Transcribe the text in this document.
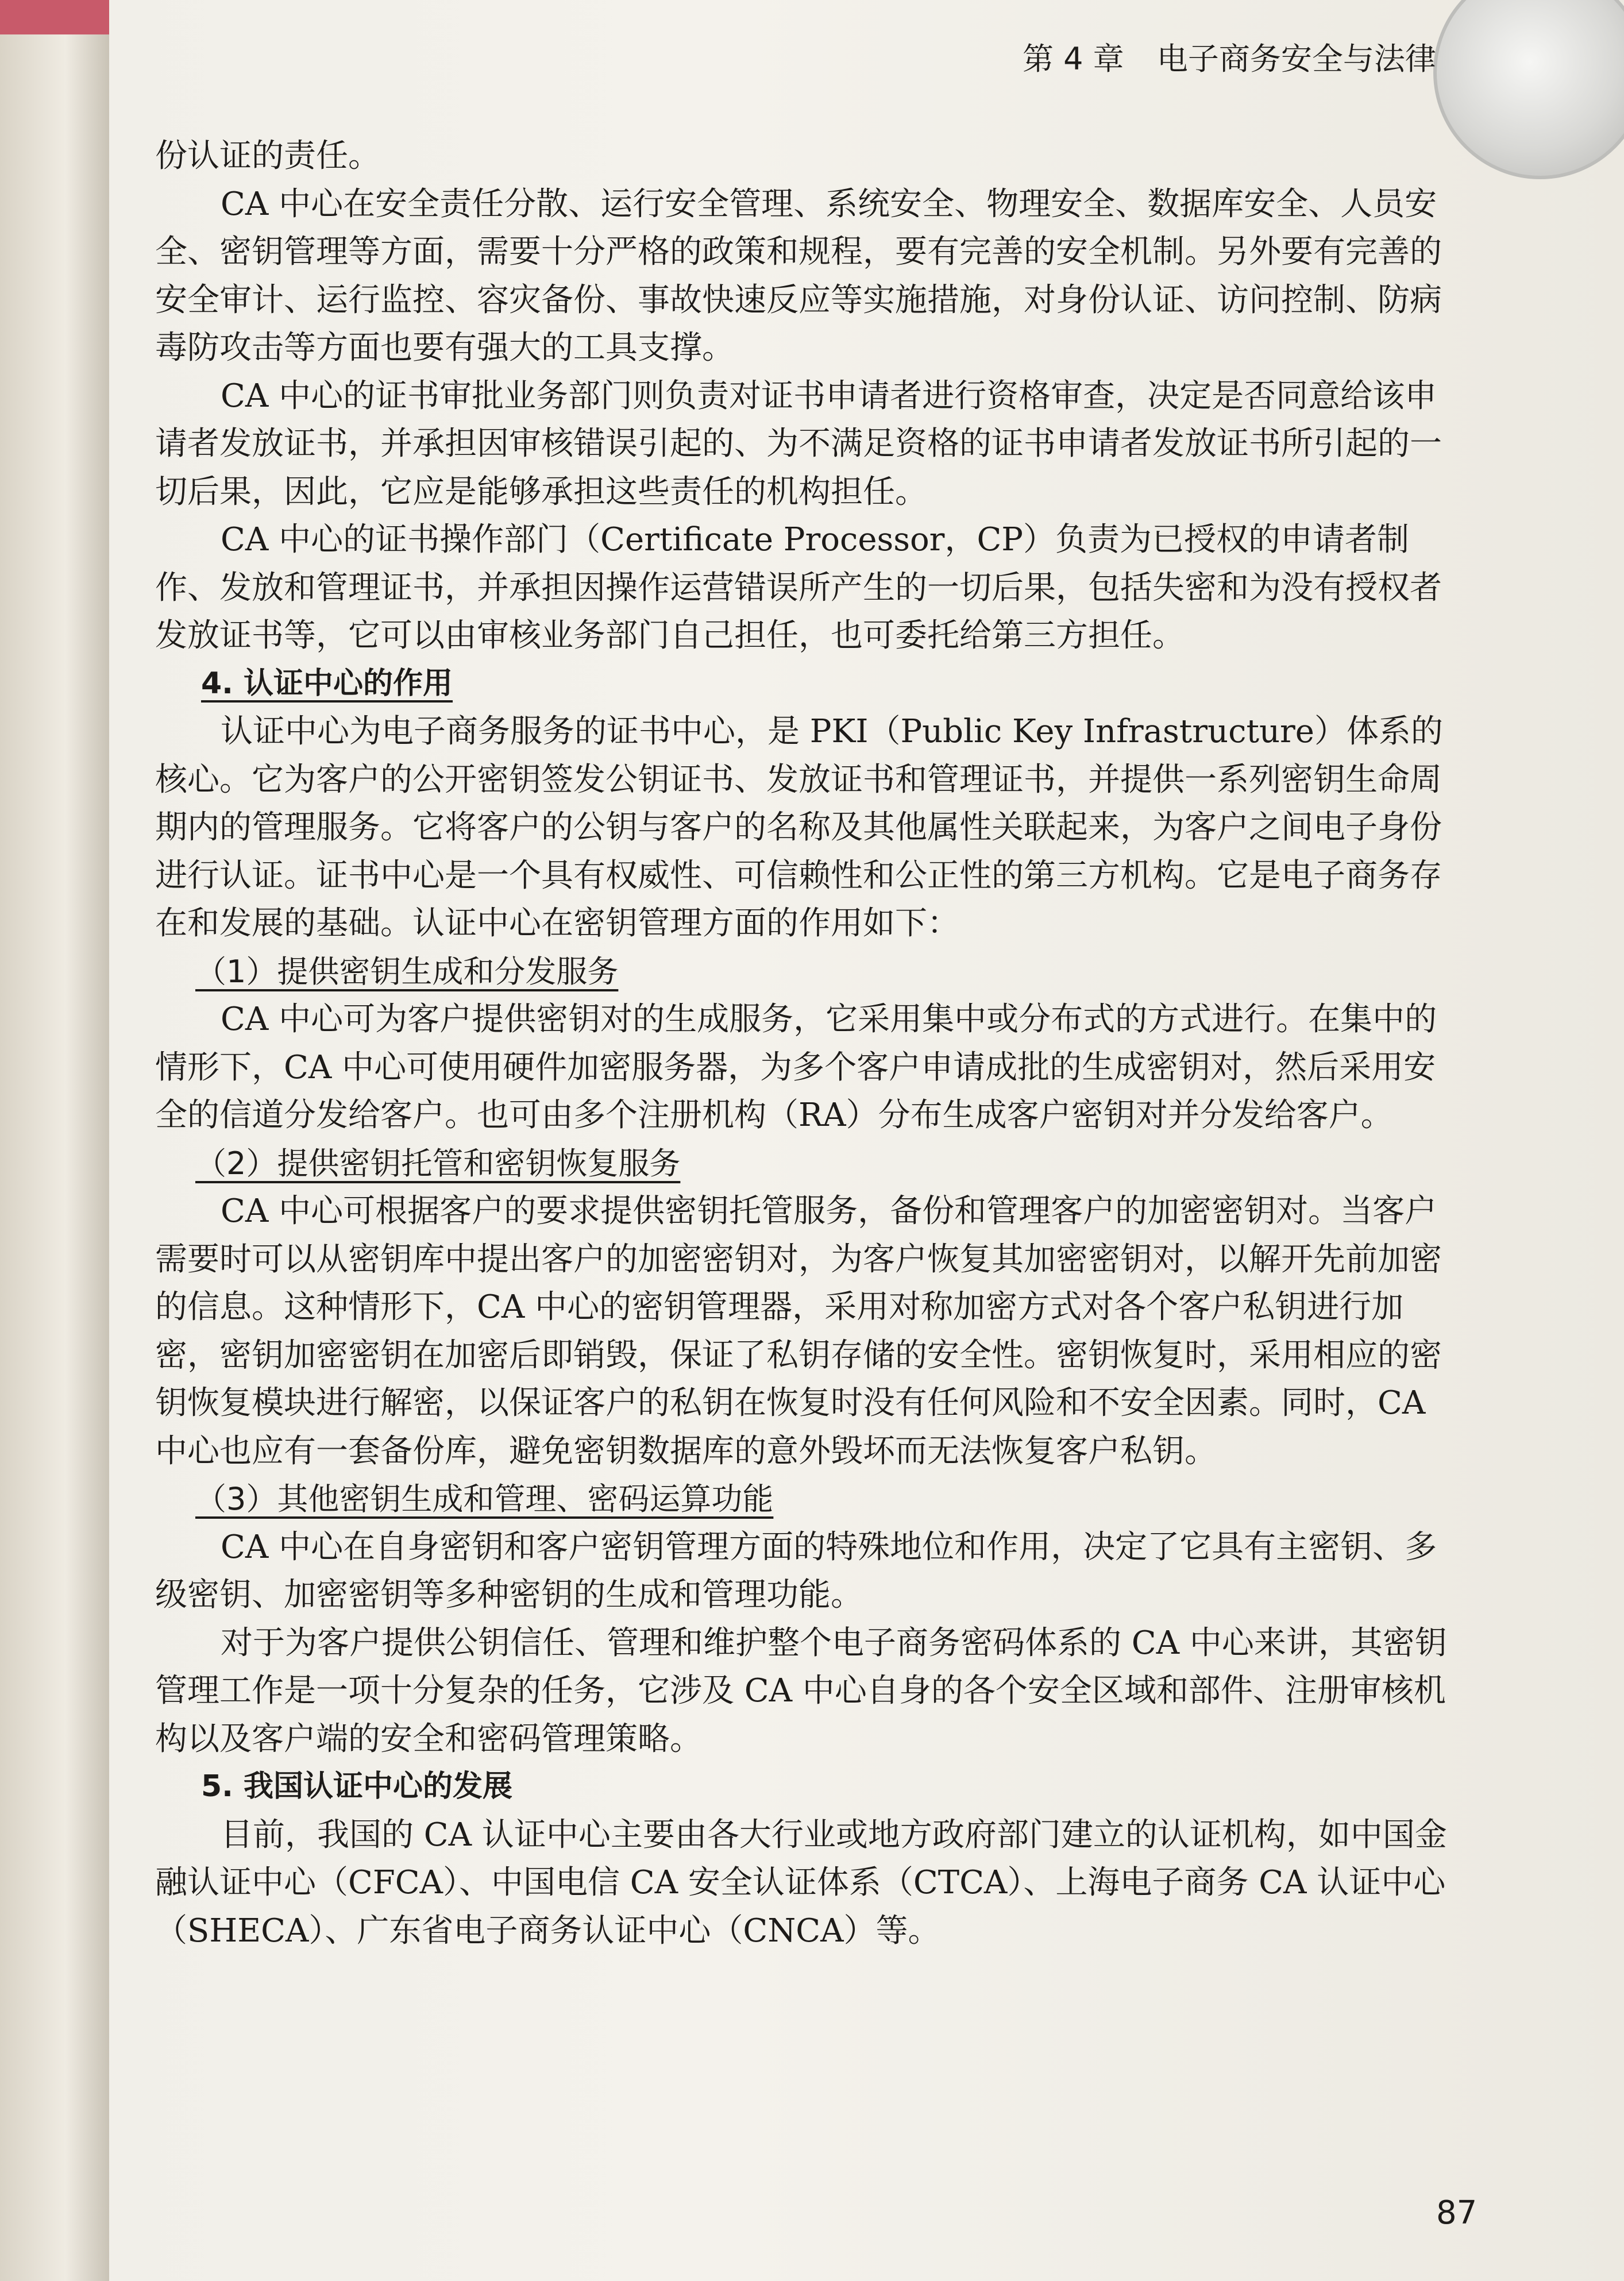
第 4 章 电子商务安全与法律

份认证的责任。

CA 中心在安全责任分散、运行安全管理、系统安全、物理安全、数据库安全、人员安全、密钥管理等方面，需要十分严格的政策和规程，要有完善的安全机制。另外要有完善的安全审计、运行监控、容灾备份、事故快速反应等实施措施，对身份认证、访问控制、防病毒防攻击等方面也要有强大的工具支撑。

CA 中心的证书审批业务部门则负责对证书申请者进行资格审查，决定是否同意给该申请者发放证书，并承担因审核错误引起的、为不满足资格的证书申请者发放证书所引起的一切后果，因此，它应是能够承担这些责任的机构担任。

CA 中心的证书操作部门（Certificate Processor，CP）负责为已授权的申请者制作、发放和管理证书，并承担因操作运营错误所产生的一切后果，包括失密和为没有授权者发放证书等，它可以由审核业务部门自己担任，也可委托给第三方担任。

4. 认证中心的作用

认证中心为电子商务服务的证书中心，是 PKI（Public Key Infrastructure）体系的核心。它为客户的公开密钥签发公钥证书、发放证书和管理证书，并提供一系列密钥生命周期内的管理服务。它将客户的公钥与客户的名称及其他属性关联起来，为客户之间电子身份进行认证。证书中心是一个具有权威性、可信赖性和公正性的第三方机构。它是电子商务存在和发展的基础。认证中心在密钥管理方面的作用如下：

（1）提供密钥生成和分发服务

CA 中心可为客户提供密钥对的生成服务，它采用集中或分布式的方式进行。在集中的情形下，CA 中心可使用硬件加密服务器，为多个客户申请成批的生成密钥对，然后采用安全的信道分发给客户。也可由多个注册机构（RA）分布生成客户密钥对并分发给客户。

（2）提供密钥托管和密钥恢复服务

CA 中心可根据客户的要求提供密钥托管服务，备份和管理客户的加密密钥对。当客户需要时可以从密钥库中提出客户的加密密钥对，为客户恢复其加密密钥对，以解开先前加密的信息。这种情形下，CA 中心的密钥管理器，采用对称加密方式对各个客户私钥进行加密，密钥加密密钥在加密后即销毁，保证了私钥存储的安全性。密钥恢复时，采用相应的密钥恢复模块进行解密，以保证客户的私钥在恢复时没有任何风险和不安全因素。同时，CA 中心也应有一套备份库，避免密钥数据库的意外毁坏而无法恢复客户私钥。

（3）其他密钥生成和管理、密码运算功能

CA 中心在自身密钥和客户密钥管理方面的特殊地位和作用，决定了它具有主密钥、多级密钥、加密密钥等多种密钥的生成和管理功能。

对于为客户提供公钥信任、管理和维护整个电子商务密码体系的 CA 中心来讲，其密钥管理工作是一项十分复杂的任务，它涉及 CA 中心自身的各个安全区域和部件、注册审核机构以及客户端的安全和密码管理策略。

5. 我国认证中心的发展

目前，我国的 CA 认证中心主要由各大行业或地方政府部门建立的认证机构，如中国金融认证中心（CFCA）、中国电信 CA 安全认证体系（CTCA）、上海电子商务 CA 认证中心（SHECA）、广东省电子商务认证中心（CNCA）等。

87
